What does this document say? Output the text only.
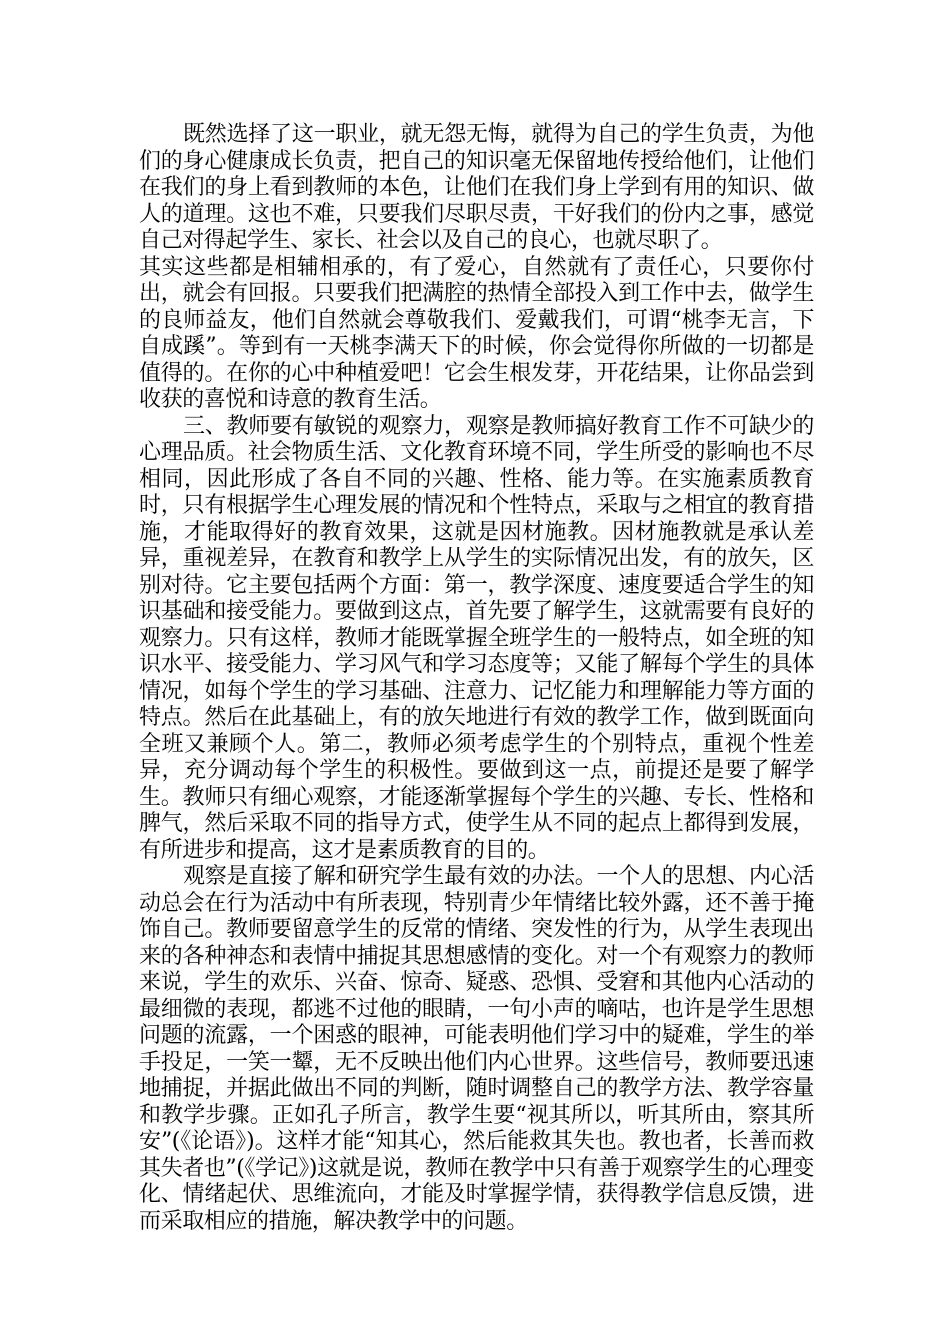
既然选择了这一职业，就无怨无悔，就得为自己的学生负责，为他们的身心健康成长负责，把自己的知识毫无保留地传授给他们，让他们在我们的身上看到教师的本色，让他们在我们身上学到有用的知识、做人的道理。这也不难，只要我们尽职尽责，干好我们的份内之事，感觉自己对得起学生、家长、社会以及自己的良心，也就尽职了。

其实这些都是相辅相承的，有了爱心，自然就有了责任心，只要你付出，就会有回报。只要我们把满腔的热情全部投入到工作中去，做学生的良师益友，他们自然就会尊敬我们、爱戴我们，可谓“桃李无言，下自成蹊”。等到有一天桃李满天下的时候，你会觉得你所做的一切都是值得的。在你的心中种植爱吧！它会生根发芽，开花结果，让你品尝到收获的喜悦和诗意的教育生活。

三、教师要有敏锐的观察力，观察是教师搞好教育工作不可缺少的心理品质。社会物质生活、文化教育环境不同，学生所受的影响也不尽相同，因此形成了各自不同的兴趣、性格、能力等。在实施素质教育时，只有根据学生心理发展的情况和个性特点，采取与之相宜的教育措施，才能取得好的教育效果，这就是因材施教。因材施教就是承认差异，重视差异，在教育和教学上从学生的实际情况出发，有的放矢，区别对待。它主要包括两个方面：第一，教学深度、速度要适合学生的知识基础和接受能力。要做到这点，首先要了解学生，这就需要有良好的观察力。只有这样，教师才能既掌握全班学生的一般特点，如全班的知识水平、接受能力、学习风气和学习态度等；又能了解每个学生的具体情况，如每个学生的学习基础、注意力、记忆能力和理解能力等方面的特点。然后在此基础上，有的放矢地进行有效的教学工作，做到既面向全班又兼顾个人。第二，教师必须考虑学生的个别特点，重视个性差异，充分调动每个学生的积极性。要做到这一点，前提还是要了解学生。教师只有细心观察，才能逐渐掌握每个学生的兴趣、专长、性格和脾气，然后采取不同的指导方式，使学生从不同的起点上都得到发展，有所进步和提高，这才是素质教育的目的。

观察是直接了解和研究学生最有效的办法。一个人的思想、内心活动总会在行为活动中有所表现，特别青少年情绪比较外露，还不善于掩饰自己。教师要留意学生的反常的情绪、突发性的行为，从学生表现出来的各种神态和表情中捕捉其思想感情的变化。对一个有观察力的教师来说，学生的欢乐、兴奋、惊奇、疑惑、恐惧、受窘和其他内心活动的最细微的表现，都逃不过他的眼睛，一句小声的嘀咕，也许是学生思想问题的流露，一个困惑的眼神，可能表明他们学习中的疑难，学生的举手投足，一笑一颦，无不反映出他们内心世界。这些信号，教师要迅速地捕捉，并据此做出不同的判断，随时调整自己的教学方法、教学容量和教学步骤。正如孔子所言，教学生要“视其所以，听其所由，察其所安”(《论语》)。这样才能“知其心，然后能救其失也。教也者，长善而救其失者也”(《学记》)这就是说，教师在教学中只有善于观察学生的心理变化、情绪起伏、思维流向，才能及时掌握学情，获得教学信息反馈，进而采取相应的措施，解决教学中的问题。
